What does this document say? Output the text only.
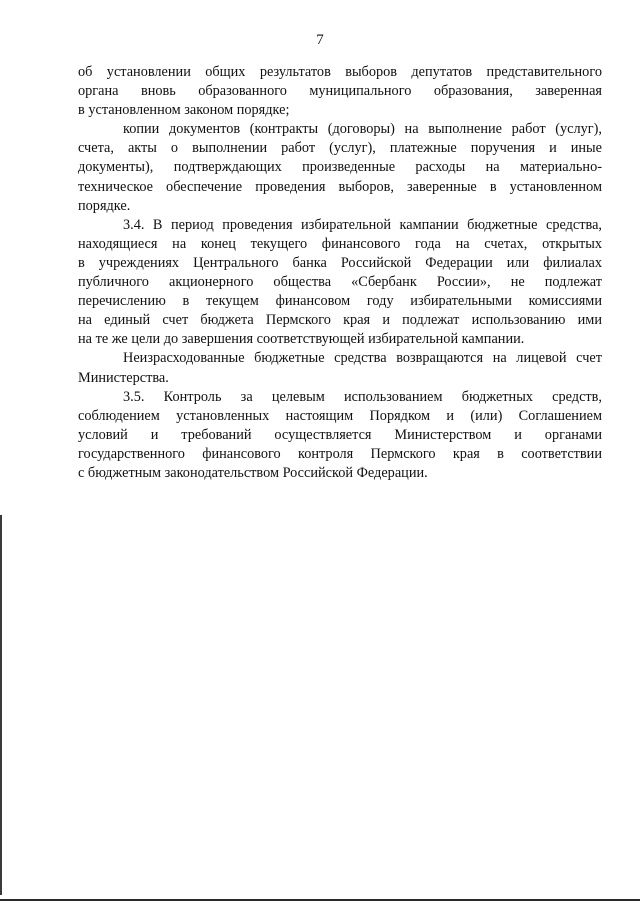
7
об установлении общих результатов выборов депутатов представительного
органа вновь образованного муниципального образования, заверенная
в установленном законом порядке;
копии документов (контракты (договоры) на выполнение работ (услуг),
счета, акты о выполнении работ (услуг), платежные поручения и иные
документы), подтверждающих произведенные расходы на материально-
техническое обеспечение проведения выборов, заверенные в установленном
порядке.
3.4. В период проведения избирательной кампании бюджетные средства,
находящиеся на конец текущего финансового года на счетах, открытых
в учреждениях Центрального банка Российской Федерации или филиалах
публичного акционерного общества «Сбербанк России», не подлежат
перечислению в текущем финансовом году избирательными комиссиями
на единый счет бюджета Пермского края и подлежат использованию ими
на те же цели до завершения соответствующей избирательной кампании.
Неизрасходованные бюджетные средства возвращаются на лицевой счет
Министерства.
3.5. Контроль за целевым использованием бюджетных средств,
соблюдением установленных настоящим Порядком и (или) Соглашением
условий и требований осуществляется Министерством и органами
государственного финансового контроля Пермского края в соответствии
с бюджетным законодательством Российской Федерации.
